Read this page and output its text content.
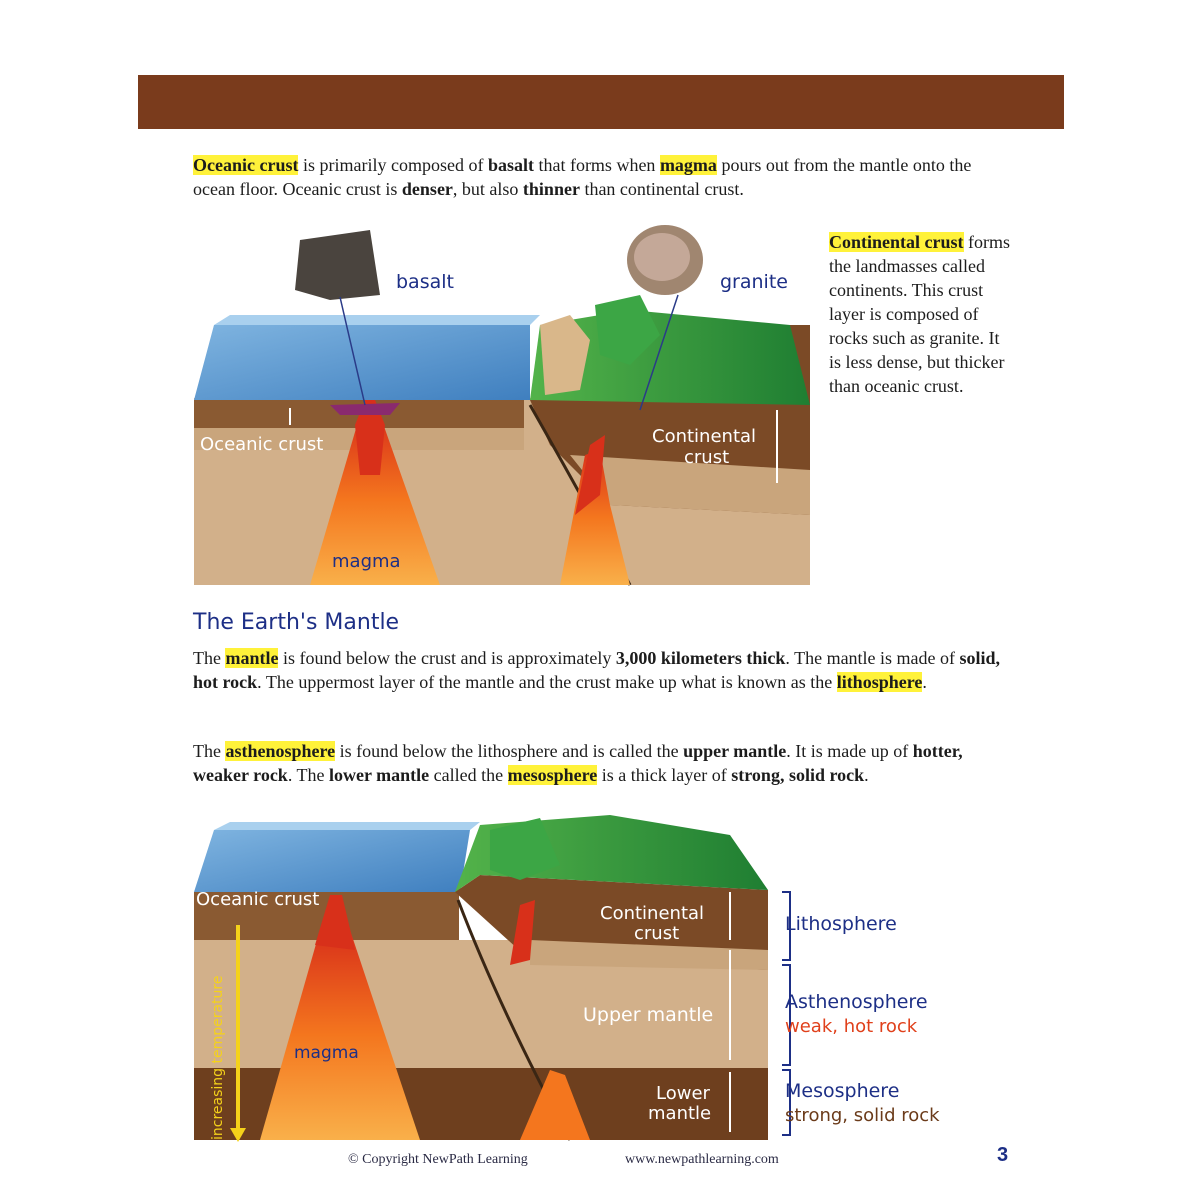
Oceanic crust is primarily composed of basalt that forms when magma pours out from the mantle onto the ocean floor. Oceanic crust is denser, but also thinner than continental crust.

Continental crust forms the landmasses called continents. This crust layer is composed of rocks such as granite. It is less dense, but thicker than oceanic crust.

basalt	granite
Oceanic crust	Continental
crust
magma
The Earth's Mantle

The mantle is found below the crust and is approximately 3,000 kilometers thick. The mantle is made of solid, hot rock. The uppermost layer of the mantle and the crust make up what is known as the lithosphere.

The asthenosphere is found below the lithosphere and is called the upper mantle. It is made up of hotter, weaker rock. The lower mantle called the mesosphere is a thick layer of strong, solid rock.

increasing temperature
Oceanic crust
Continental
crust
Upper mantle
Lower
mantle
magma
Lithosphere
Asthenosphere
weak, hot rock
Mesosphere
strong, solid rock
© Copyright NewPath Learning	www.newpathlearning.com	3
